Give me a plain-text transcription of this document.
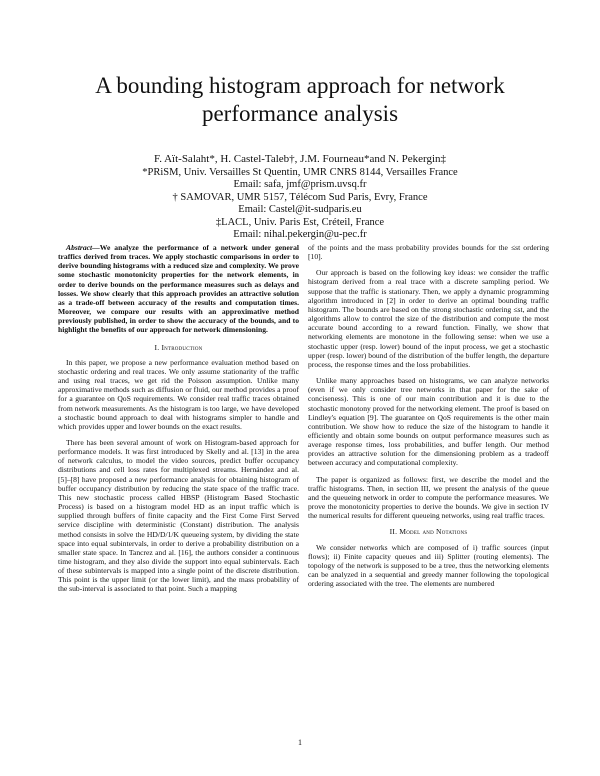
A bounding histogram approach for network performance analysis
F. Aït-Salaht*, H. Castel-Taleb†, J.M. Fourneau*and N. Pekergin‡
*PRiSM, Univ. Versailles St Quentin, UMR CNRS 8144, Versailles France
Email: safa, jmf@prism.uvsq.fr
† SAMOVAR, UMR 5157, Télécom Sud Paris, Evry, France
Email: Castel@it-sudparis.eu
‡LACL, Univ. Paris Est, Créteil, France
Email: nihal.pekergin@u-pec.fr

Abstract—We analyze the performance of a network under general traffics derived from traces. We apply stochastic comparisons in order to derive bounding histograms with a reduced size and complexity. We prove some stochastic monotonicity properties for the network elements, in order to derive bounds on the performance measures such as delays and losses. We show clearly that this approach provides an attractive solution as a trade-off between accuracy of the results and computation times. Moreover, we compare our results with an approximative method previously published, in order to show the accuracy of the bounds, and to highlight the benefits of our approach for network dimensioning.

I. Introduction

In this paper, we propose a new performance evaluation method based on stochastic ordering and real traces. We only assume stationarity of the traffic and using real traces, we get rid the Poisson assumption. Unlike many approximative methods such as diffusion or fluid, our method provides a proof for a guarantee on QoS requirements. We consider real traffic traces obtained from network measurements. As the histogram is too large, we have developed a stochastic bound approach to deal with histograms simpler to handle and which provides upper and lower bounds on the exact results.

There has been several amount of work on Histogram-based approach for performance models. It was first introduced by Skelly and al. [13] in the area of network calculus, to model the video sources, predict buffer occupancy distributions and cell loss rates for multiplexed streams. Hernández and al. [5]–[8] have proposed a new performance analysis for obtaining histogram of buffer occupancy distribution by reducing the state space of the traffic trace. This new stochastic process called HBSP (Histogram Based Stochastic Process) is based on a histogram model HD as an input traffic which is supplied through buffers of finite capacity and the First Come First Served service discipline with deterministic (Constant) distribution. The analysis method consists in solve the HD/D/1/K queueing system, by dividing the state space into equal subintervals, in order to derive a probability distribution on a smaller state space. In Tancrez and al. [16], the authors consider a continuous time histogram, and they also divide the support into equal subintervals. Each of these subintervals is mapped into a single point of the discrete distribution. This point is the upper limit (or the lower limit), and the mass probability of the sub-interval is associated to that point. Such a mapping

of the points and the mass probability provides bounds for the ≤st ordering [10].

Our approach is based on the following key ideas: we consider the traffic histogram derived from a real trace with a discrete sampling period. We suppose that the traffic is stationary. Then, we apply a dynamic programming algorithm introduced in [2] in order to derive an optimal bounding traffic histogram. The bounds are based on the strong stochastic ordering ≤st, and the algorithms allow to control the size of the distribution and compute the most accurate bound according to a reward function. Finally, we show that networking elements are monotone in the following sense: when we use a stochastic upper (resp. lower) bound of the input process, we get a stochastic upper (resp. lower) bound of the distribution of the buffer length, the departure process, the response times and the loss probabilities.

Unlike many approaches based on histograms, we can analyze networks (even if we only consider tree networks in that paper for the sake of conciseness). This is one of our main contribution and it is due to the stochastic monotony proved for the networking element. The proof is based on Lindley's equation [9]. The guarantee on QoS requirements is the other main contribution. We show how to reduce the size of the histogram to handle it efficiently and obtain some bounds on output performance measures such as average response times, loss probabilities, and buffer length. Our method provides an attractive solution for the dimensioning problem as a tradeoff between accuracy and computational complexity.

The paper is organized as follows: first, we describe the model and the traffic histograms. Then, in section III, we present the analysis of the queue and the queueing network in order to compute the performance measures. We prove the monotonicity properties to derive the bounds. We give in section IV the numerical results for different queueing networks, using real traffic traces.

II. Model and Notations

We consider networks which are composed of i) traffic sources (input flows); ii) Finite capacity queues and iii) Splitter (routing elements). The topology of the network is supposed to be a tree, thus the networking elements can be analyzed in a sequential and greedy manner following the topological ordering associated with the tree. The elements are numbered

1
